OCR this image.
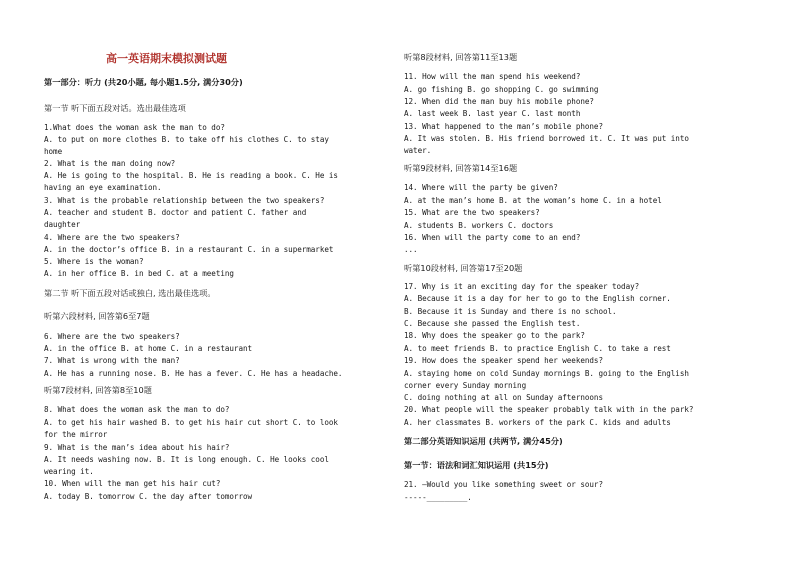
高一英语期末模拟测试题
第一部分：听力 (共20小题, 每小题1.5分, 满分30分)
第一节 听下面五段对话。选出最佳选项
1.What does the woman ask the man to do?
A. to put on more clothes B. to take off his clothes C. to stay
home
2. What is the man doing now?
A. He is going to the hospital. B. He is reading a book. C. He is
having an eye examination.
3. What is the probable relationship between the two speakers?
A. teacher and student B. doctor and patient C. father and
daughter
4. Where are the two speakers?
A. in the doctor’s office B. in a restaurant C. in a supermarket
5. Where is the woman?
A. in her office B. in bed C. at a meeting
第二节 听下面五段对话或独白, 选出最佳选项。
听第六段材料, 回答第6至7题
6. Where are the two speakers?
A. in the office B. at home C. in a restaurant
7. What is wrong with the man?
A. He has a running nose. B. He has a fever. C. He has a headache.
听第7段材料, 回答第8至10题
8. What does the woman ask the man to do?
A. to get his hair washed B. to get his hair cut short C. to look
for the mirror
9. What is the man’s idea about his hair?
A. It needs washing now. B. It is long enough. C. He looks cool
wearing it.
10. When will the man get his hair cut?
A. today B. tomorrow C. the day after tomorrow
听第8段材料, 回答第11至13题
11. How will the man spend his weekend?
A. go fishing B. go shopping C. go swimming
12. When did the man buy his mobile phone?
A. last week B. last year C. last month
13. What happened to the man’s mobile phone?
A. It was stolen. B. His friend borrowed it. C. It was put into
water.
听第9段材料, 回答第14至16题
14. Where will the party be given?
A. at the man’s home B. at the woman’s home C. in a hotel
15. What are the two speakers?
A. students B. workers C. doctors
16. When will the party come to an end?
...
听第10段材料, 回答第17至20题
17. Why is it an exciting day for the speaker today?
A. Because it is a day for her to go to the English corner.
B. Because it is Sunday and there is no school.
C. Because she passed the English test.
18. Why does the speaker go to the park?
A. to meet friends B. to practice English C. to take a rest
19. How does the speaker spend her weekends?
A. staying home on cold Sunday mornings B. going to the English
corner every Sunday morning
C. doing nothing at all on Sunday afternoons
20. What people will the speaker probably talk with in the park?
A. her classmates B. workers of the park C. kids and adults
第二部分英语知识运用 (共两节, 满分45分)
第一节：语法和词汇知识运用 (共15分)
21. —Would you like something sweet or sour?
-----_________.
